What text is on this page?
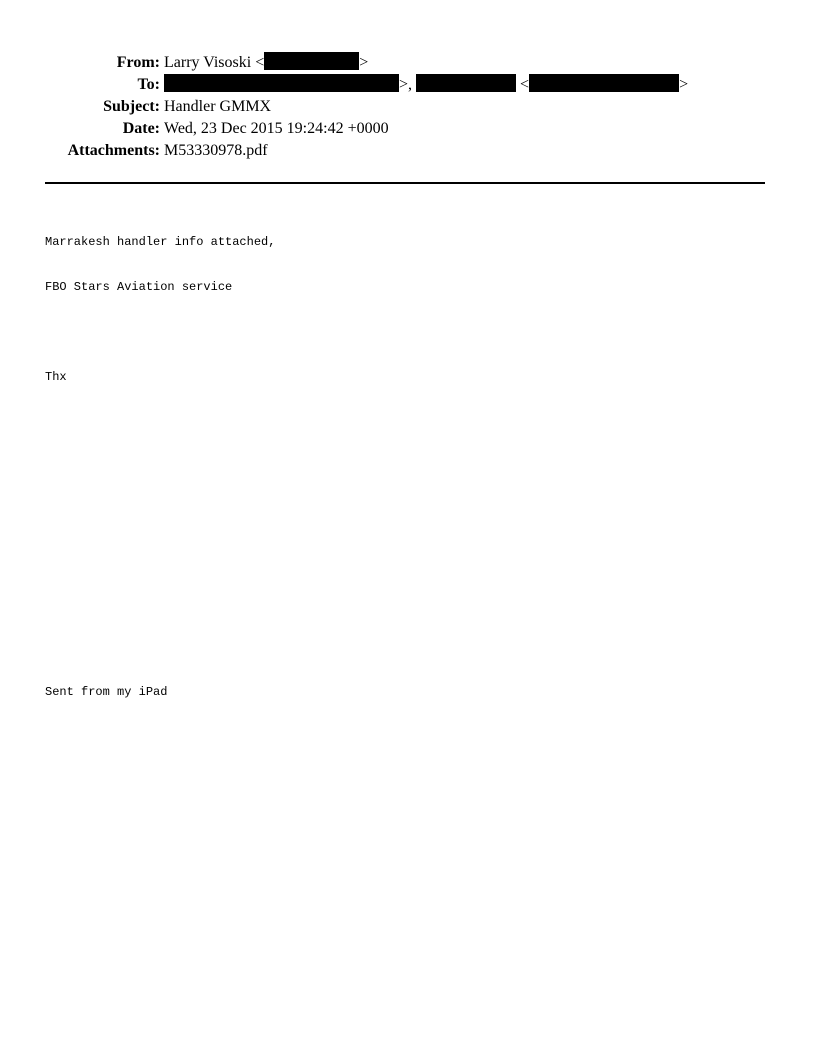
From: Larry Visoski <	>
To:	>,	<	>
Subject: Handler GMMX
Date: Wed, 23 Dec 2015 19:24:42 +0000
Attachments: M53330978.pdf

Marrakesh handler info attached,

FBO Stars Aviation service

Thx

Sent from my iPad
